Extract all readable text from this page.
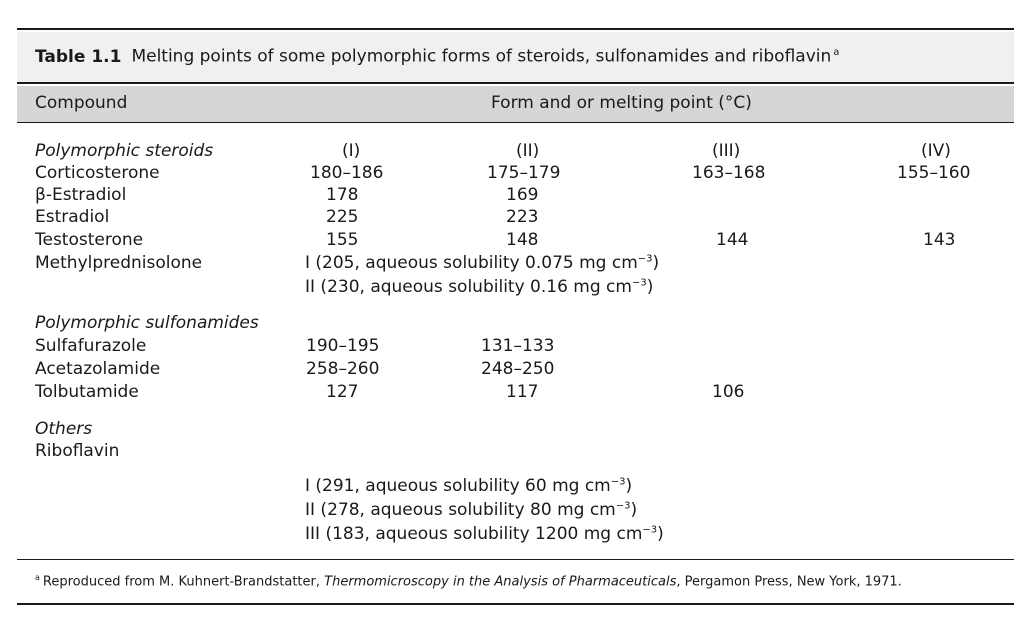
Table 1.1 Melting points of some polymorphic forms of steroids, sulfonamides and riboflavin $^a$
Compound	Form and or melting point (°C)
Polymorphic steroids	(I)	(II)	(III)	(IV)
Corticosterone	180–186	175–179	163–168	155–160
β-Estradiol	178	169
Estradiol	225	223
Testosterone	155	148	144	143
Methylprednisolone	I (205, aqueous solubility 0.075 mg $cm^{-3}$)
II (230, aqueous solubility 0.16 mg $cm^{-3}$)
Polymorphic sulfonamides
Sulfafurazole	190–195	131–133
Acetazolamide	258–260	248–250
Tolbutamide	127	117	106
Others
Riboflavin
I (291, aqueous solubility 60 mg $cm^{-3}$)
II (278, aqueous solubility 80 mg $cm^{-3}$)
III (183, aqueous solubility 1200 mg $cm^{-3}$)
$^a$ Reproduced from M. Kuhnert-Brandstatter, Thermomicroscopy in the Analysis of Pharmaceuticals, Pergamon Press, New York, 1971.
